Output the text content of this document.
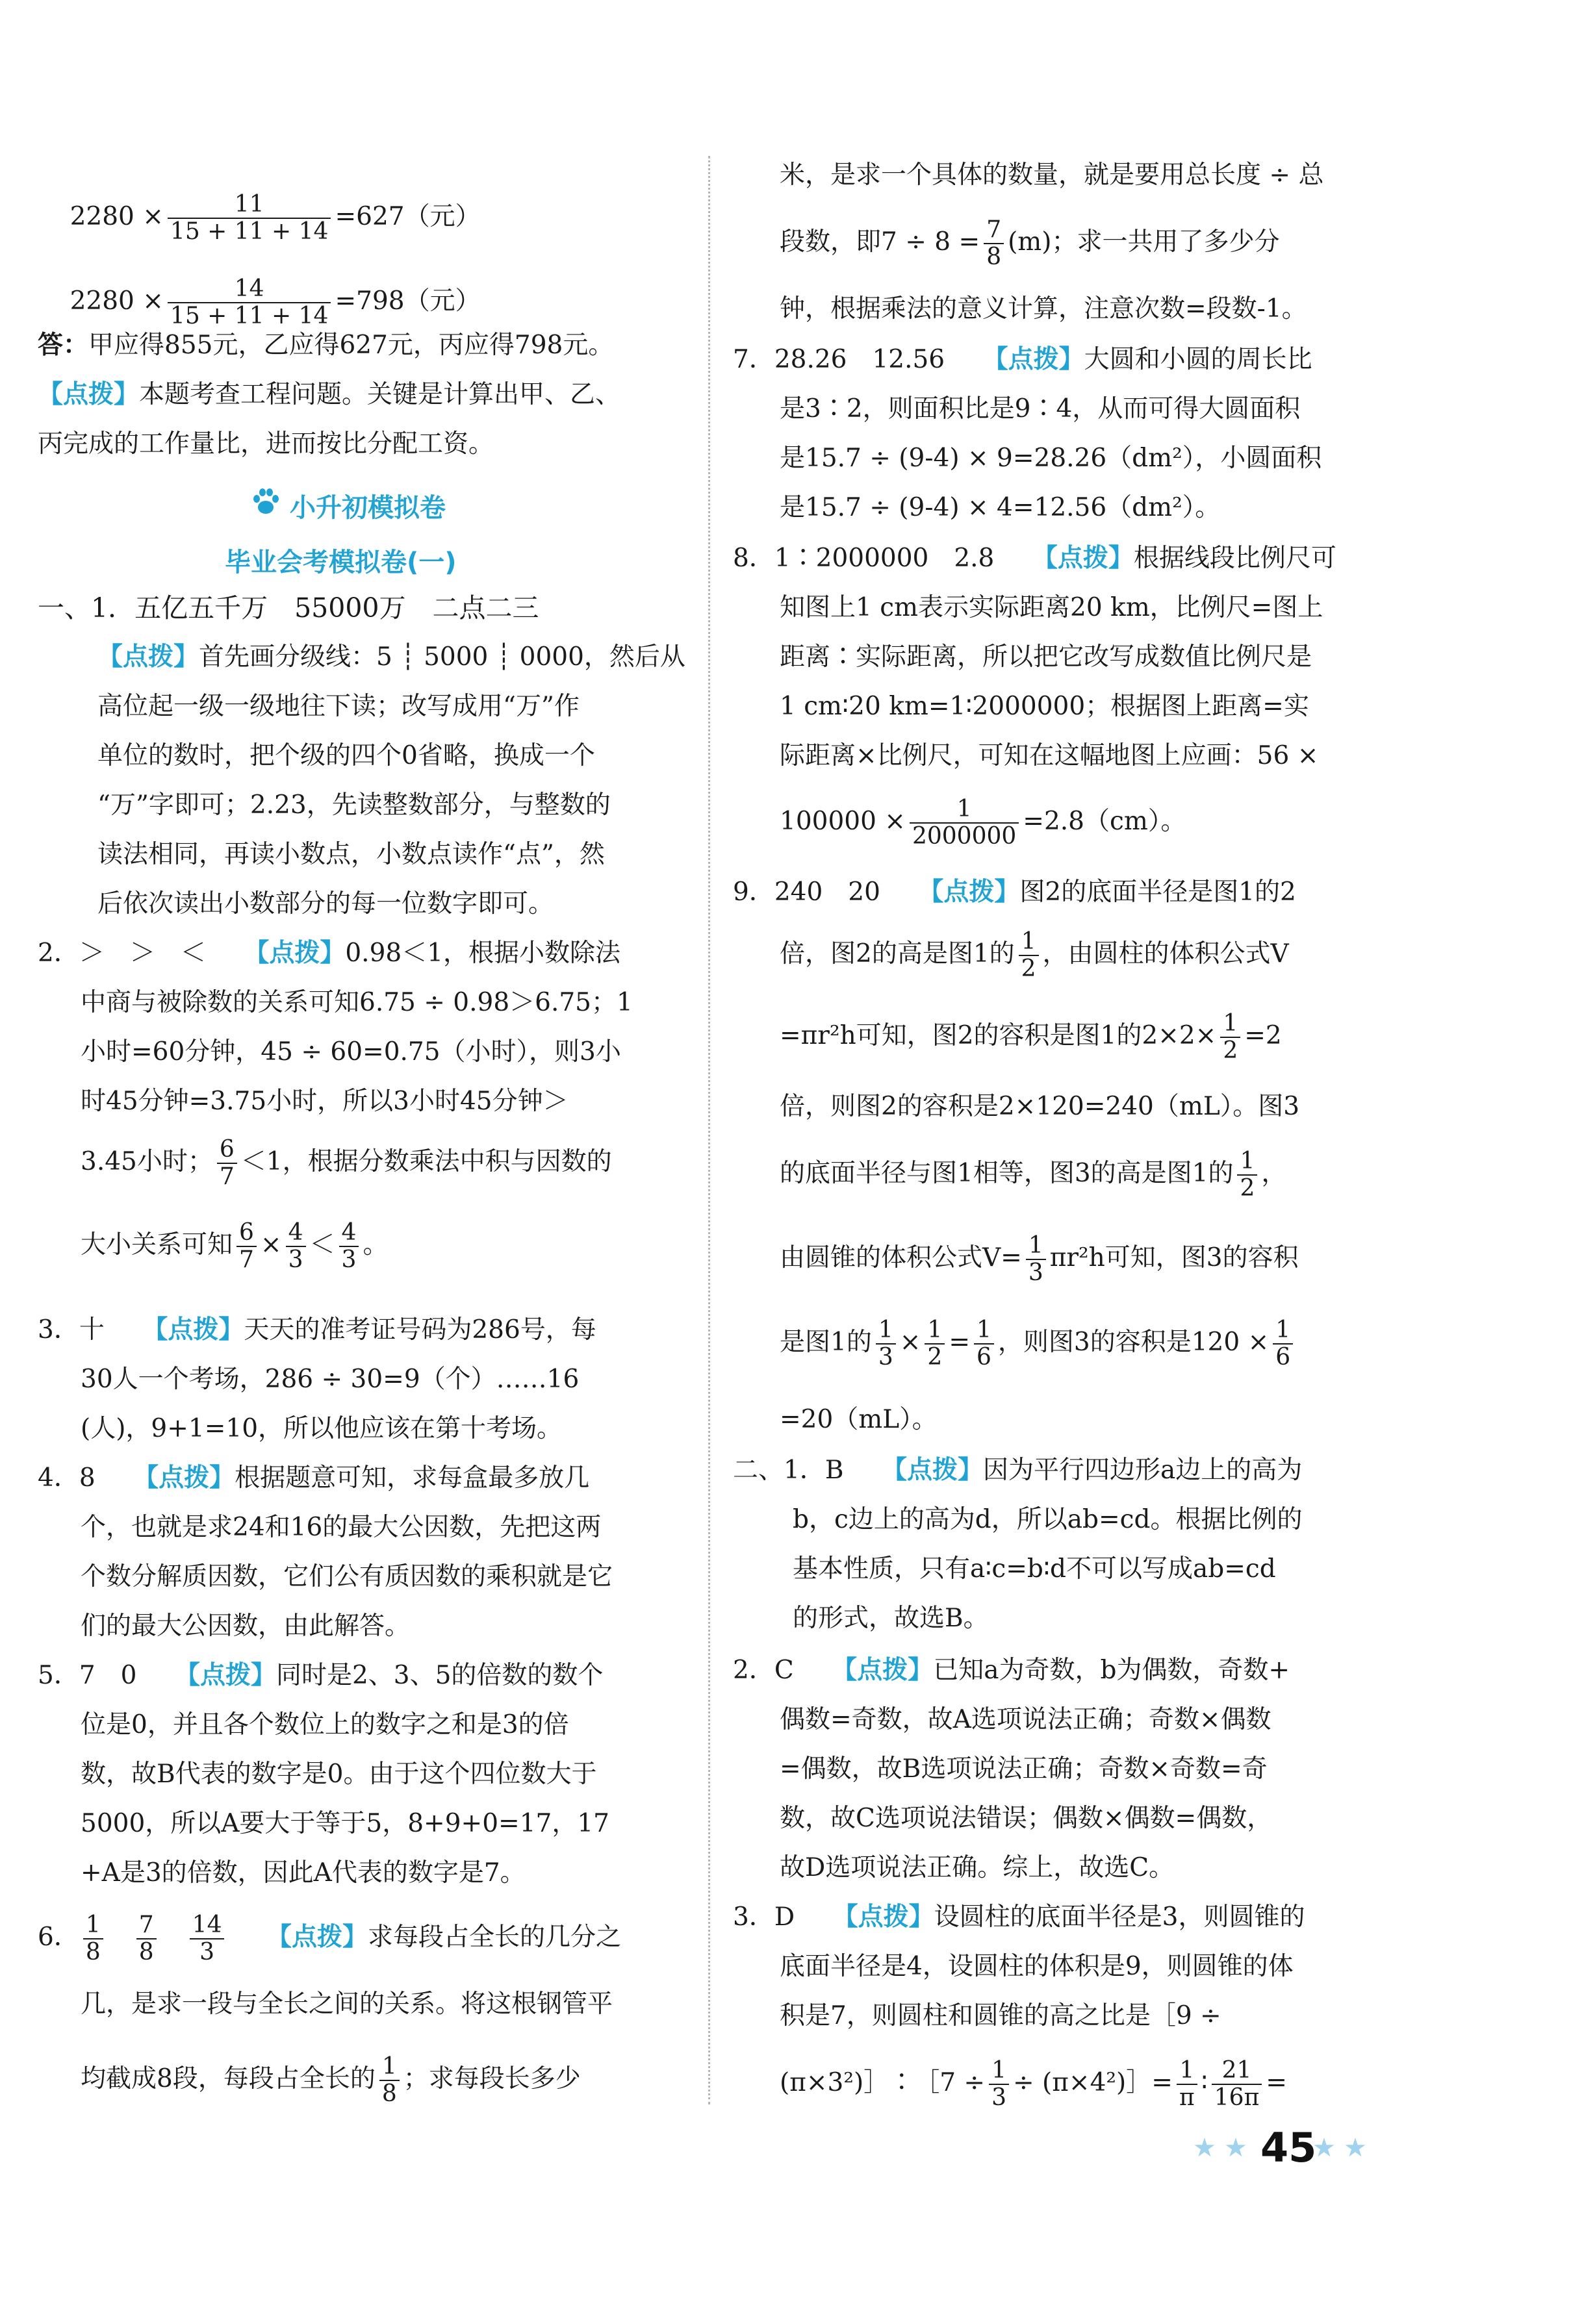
$2280 \times \frac{11}{15 + 11 + 14} =627$（元）

$2280 \times \frac{14}{15 + 11 + 14} =798$（元）

答：甲应得855元，乙应得627元，丙应得798元。
【点拨】本题考查工程问题。关键是计算出甲、乙、
丙完成的工作量比，进而按比分配工资。
小升初模拟卷
毕业会考模拟卷(一)
一、1．五亿五千万　55000万　二点二三
【点拨】首先画分级线：5 ┊ 5000 ┊ 0000，然后从
高位起一级一级地往下读；改写成用“万”作
单位的数时，把个级的四个0省略，换成一个
“万”字即可；2.23，先读整数部分，与整数的
读法相同，再读小数点，小数点读作“点”，然
后依次读出小数部分的每一位数字即可。
2．＞　＞　＜　　 【点拨】0.98＜1，根据小数除法
中商与被除数的关系可知6.75 ÷ 0.98＞6.75；1
小时=60分钟，45 ÷ 60=0.75（小时），则3小
时45分钟=3.75小时，所以3小时45分钟＞
3.45小时； $\frac{6}{7} <1$，根据分数乘法中积与因数的
大小关系可知 $\frac{6}{7} \times \frac{4}{3} < \frac{4}{3}$ 。
3．十　　 【点拨】天天的准考证号码为286号，每
30人一个考场，286 ÷ 30=9（个）……16
(人)，9+1=10，所以他应该在第十考场。
4．8　　 【点拨】根据题意可知，求每盒最多放几
个，也就是求24和16的最大公因数，先把这两
个数分解质因数，它们公有质因数的乘积就是它
们的最大公因数，由此解答。
5．7　0　　 【点拨】同时是2、3、5的倍数的数个
位是0，并且各个数位上的数字之和是3的倍
数，故B代表的数字是0。由于这个四位数大于
5000，所以A要大于等于5，8+9+0=17，17
+A是3的倍数，因此A代表的数字是7。
6． $\frac{1}{8}$
　 $\frac{7}{8}$
　 $\frac{14}{3}$
　　 【点拨】求每段占全长的几分之
几，是求一段与全长之间的关系。将这根钢管平
均截成8段，每段占全长的 $\frac{1}{8}$ ；求每段长多少
米，是求一个具体的数量，就是要用总长度 ÷ 总
段数，即$7 \div 8 = \frac{7}{8} (m)$；求一共用了多少分
钟，根据乘法的意义计算，注意次数=段数-1。
7．28.26　12.56　　 【点拨】大圆和小圆的周长比
是3∶2，则面积比是9∶4，从而可得大圆面积
是15.7 ÷ (9-4) × 9=28.26（dm²），小圆面积
是15.7 ÷ (9-4) × 4=12.56（dm²）。
8．1∶2000000　2.8　　 【点拨】根据线段比例尺可
知图上1 cm表示实际距离20 km，比例尺=图上
距离∶实际距离，所以把它改写成数值比例尺是
1 cm∶20 km=1∶2000000；根据图上距离=实
际距离×比例尺，可知在这幅地图上应画：56 ×
$100000 \times \frac{1}{2000000} =2.8(cm)$。
9．240　20　　 【点拨】图2的底面半径是图1的2
倍，图2的高是图1的 $\frac{1}{2}$ ，由圆柱的体积公式V
=πr²h可知，图2的容积是图1的$2\times 2\times \frac{1}{2} =2$
倍，则图2的容积是2×120=240（mL）。图3
的底面半径与图1相等，图3的高是图1的 $\frac{1}{2}$ ，
由圆锥的体积公式$V= \frac{1}{3} \pi r^2h$可知，图3的容积
是图1的 $\frac{1}{3} \times \frac{1}{2} = \frac{1}{6}$ ，则图3的容积是$120 \times \frac{1}{6}$
=20（mL）。
二、1．B　　 【点拨】因为平行四边形a边上的高为
b，c边上的高为d，所以ab=cd。根据比例的
基本性质，只有a∶c=b∶d不可以写成ab=cd
的形式，故选B。
2．C　　 【点拨】已知a为奇数，b为偶数，奇数+
偶数=奇数，故A选项说法正确；奇数×偶数
=偶数，故B选项说法正确；奇数×奇数=奇
数，故C选项说法错误；偶数×偶数=偶数，
故D选项说法正确。综上，故选C。
3．D　　 【点拨】设圆柱的底面半径是3，则圆锥的
底面半径是4，设圆柱的体积是9，则圆锥的体
积是7，则圆柱和圆锥的高之比是［9 ÷
(π×3²)］∶［7 ÷ $\frac{1}{3}$ ÷ (π×4²)］= $\frac{1}{\pi}$ ∶ $\frac{21}{16\pi}$ =
★ ★ 45
★ ★
